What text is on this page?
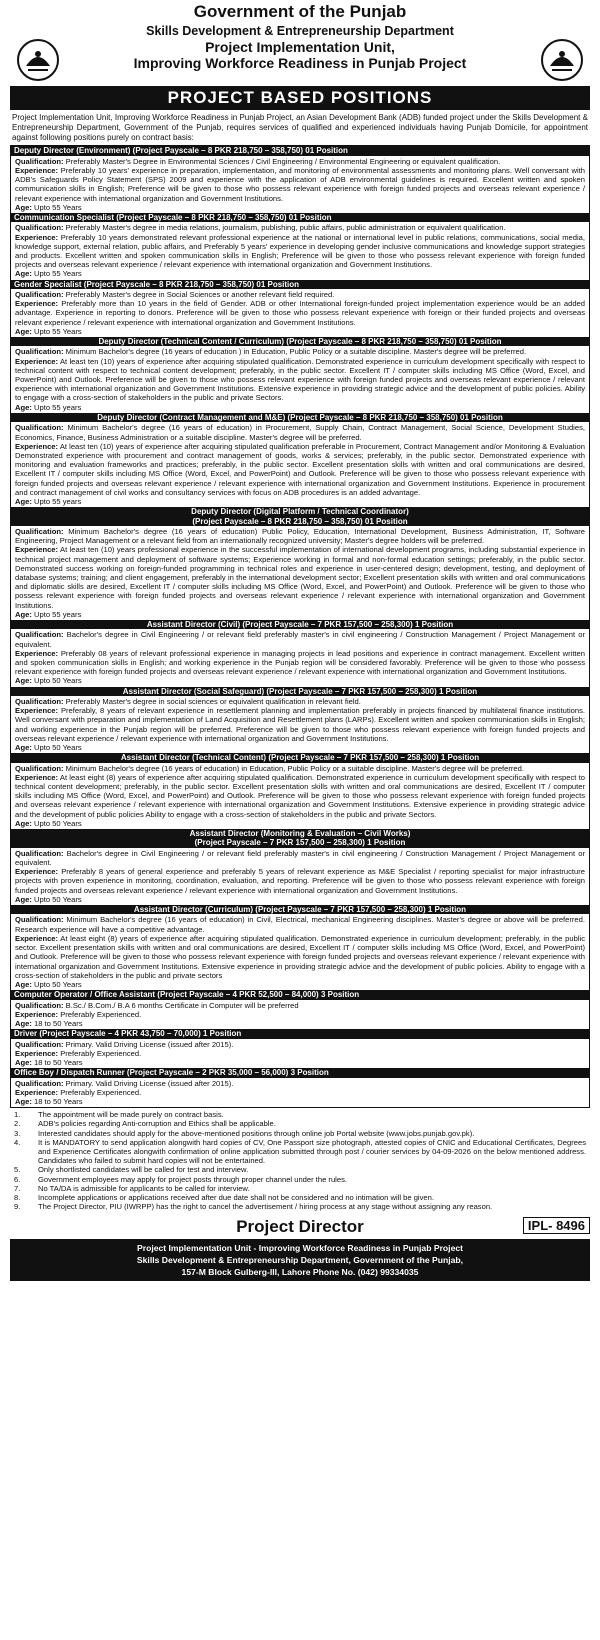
Government of the Punjab
Skills Development & Entrepreneurship Department
Project Implementation Unit,
Improving Workforce Readiness in Punjab Project
PROJECT BASED POSITIONS
Project Implementation Unit, Improving Workforce Readiness in Punjab Project, an Asian Development Bank (ADB) funded project under the Skills Development & Entrepreneurship Department, Government of the Punjab, requires services of qualified and experienced individuals having Punjab Domicile, for appointment against following positions purely on contract basis:
Deputy Director (Environment) (Project Payscale – 8 PKR 218,750 – 358,750) 01 Position

Qualification: Preferably Master's Degree in Environmental Sciences / Civil Engineering / Environmental Engineering or equivalent qualification.

Experience: Preferably 10 years' experience in preparation, implementation, and monitoring of environmental assessments and monitoring plans. Well conversant with ADB's Safeguards Policy Statement (SPS) 2009 and experience with the application of ADB environmental guidelines is required. Excellent written and spoken communication skills in English; Preference will be given to those who possess relevant experience with foreign funded projects and overseas relevant experience / relevant experience with international organization and Government Institutions.

Age: Upto 55 Years

Communication Specialist (Project Payscale – 8 PKR 218,750 – 358,750) 01 Position

Qualification: Preferably Master's degree in media relations, journalism, publishing, public affairs, public administration or equivalent qualification.

Experience: Preferably 10 years demonstrated relevant professional experience at the national or international level in public relations, communications, social media, knowledge support, external relation, public affairs, and Preferably 5 years' experience in developing gender inclusive communications and knowledge support strategies and products. Excellent written and spoken communication skills in English; Preference will be given to those who possess relevant experience with foreign funded projects and overseas relevant experience / relevant experience with international organization and Government Institutions.

Age: Upto 55 Years

Gender Specialist (Project Payscale – 8 PKR 218,750 – 358,750) 01 Position

Qualification: Preferably Master's degree in Social Sciences or another relevant field required.

Experience: Preferably more than 10 years in the field of Gender. ADB or other International foreign-funded project implementation experience would be an added advantage. Experience in reporting to donors. Preference will be given to those who possess relevant experience with foreign or their funded projects and overseas relevant experience / relevant experience with international organization and Government Institutions.

Age: Upto 55 Years

Deputy Director (Technical Content / Curriculum) (Project Payscale – 8 PKR 218,750 – 358,750) 01 Position

Qualification: Minimum Bachelor's degree (16 years of education ) in Education, Public Policy or a suitable discipline. Master's degree will be preferred.

Experience: At least ten (10) years of experience after acquiring stipulated qualification. Demonstrated experience in curriculum development specifically with respect to technical content with respect to technical content development; preferably, in the public sector. Excellent IT / computer skills including MS Office (Word, Excel, and PowerPoint) and Outlook. Preference will be given to those who possess relevant experience with foreign funded projects and overseas relevant experience / relevant experience with international organization and Government Institutions. Extensive experience in providing strategic advice and the development of public policies. Ability to engage with a cross-section of stakeholders in the public and private Sectors.

Age: Upto 55 years

Deputy Director (Contract Management and M&E) (Project Payscale – 8 PKR 218,750 – 358,750) 01 Position

Qualification: Minimum Bachelor's degree (16 years of education) in Procurement, Supply Chain, Contract Management, Social Science, Development Studies, Economics, Finance, Business Administration or a suitable discipline. Master's degree will be preferred.

Experience: At least ten (10) years of experience after acquiring stipulated qualification preferable in Procurement, Contract Management and/or Monitoring & Evaluation Demonstrated experience with procurement and contract management of goods, works & services; preferably, in the public sector. Demonstrated experience with monitoring and evaluation frameworks and practices; preferably, in the public sector. Excellent presentation skills with written and oral communications are desired, Excellent IT / computer skills including MS Office (Word, Excel, and PowerPoint) and Outlook. Preference will be given to those who possess relevant experience with foreign funded projects and overseas relevant experience / relevant experience with international organization and Government Institutions. Experience in procurement and contract management of civil works and consultancy services with focus on ADB procedures is an added advantage.

Age: Upto 55 years

Deputy Director (Digital Platform / Technical Coordinator)
(Project Payscale – 8 PKR 218,750 – 358,750) 01 Position

Qualification: Minimum Bachelor's degree (16 years of education) Public Policy, Education, International Development, Business Administration, IT, Software Engineering, Project Management or a relevant field from an internationally recognized university; Master's degree holders will be preferred.

Experience: At least ten (10) years professional experience in the successful implementation of international development programs, including substantial experience in technical project management and deployment of software systems; Experience working in formal and non-formal education settings; preferably, in the public sector. Demonstrated success working on foreign-funded programming in technical roles and experience in user-centered design; development, testing, and deployment of database systems; training; and client engagement, preferably in the international development sector; Excellent presentation skills with written and oral communications and diplomatic skills are desired, Excellent IT / computer skills including MS Office (Word, Excel, and PowerPoint) and Outlook. Preference will be given to those who possess relevant experience with foreign funded projects and overseas relevant experience / relevant experience with international organization and Government Institutions.

Age: Upto 55 years

Assistant Director (Civil) (Project Payscale – 7 PKR 157,500 – 258,300) 1 Position

Qualification: Bachelor's degree in Civil Engineering / or relevant field preferably master's in civil engineering / Construction Management / Project Management or equivalent.

Experience: Preferably 08 years of relevant professional experience in managing projects in lead positions and experience in contract management. Excellent written and spoken communication skills in English; and working experience in the Punjab region will be considered favorably. Preference will be given to those who possess relevant experience with foreign funded projects and overseas relevant experience / relevant experience with international organization and Government Institutions.

Age: Upto 50 Years

Assistant Director (Social Safeguard) (Project Payscale – 7 PKR 157,500 – 258,300) 1 Position

Qualification: Preferably Master's degree in social sciences or equivalent qualification in relevant field.

Experience: Preferably, 8 years of relevant experience in resettlement planning and implementation preferably in projects financed by multilateral finance institutions. Well conversant with preparation and implementation of Land Acquisition and Resettlement plans (LARPs). Excellent written and spoken communication skills in English; and working experience in the Punjab region will be preferred. Preference will be given to those who possess relevant experience with foreign funded projects and overseas relevant experience / relevant experience with international organization and Government Institutions.

Age: Upto 50 Years

Assistant Director (Technical Content) (Project Payscale – 7 PKR 157,500 – 258,300) 1 Position

Qualification: Minimum Bachelor's degree (16 years of education) in Education, Public Policy or a suitable discipline. Master's degree will be preferred.

Experience: At least eight (8) years of experience after acquiring stipulated qualification. Demonstrated experience in curriculum development specifically with respect to technical content development; preferably, in the public sector. Excellent presentation skills with written and oral communications are desired, Excellent IT / computer skills including MS Office (Word, Excel, and PowerPoint) and Outlook. Preference will be given to those who possess relevant experience with foreign funded projects and overseas relevant experience / relevant experience with international organization and Government Institutions. Extensive experience in providing strategic advice and the development of public policies Ability to engage with a cross-section of stakeholders in the public and private Sectors.

Age: Upto 50 Years

Assistant Director (Monitoring & Evaluation – Civil Works)
(Project Payscale – 7 PKR 157,500 – 258,300) 1 Position

Qualification: Bachelor's degree in Civil Engineering / or relevant field preferably master's in civil engineering / Construction Management / Project Management or equivalent.

Experience: Preferably 8 years of general experience and preferably 5 years of relevant experience as M&E Specialist / reporting specialist for major infrastructure projects with proven experience in monitoring, coordination, evaluation, and reporting. Preference will be given to those who possess relevant experience with foreign funded projects and overseas relevant experience / relevant experience with international organization and Government Institutions.

Age: Upto 50 Years

Assistant Director (Curriculum) (Project Payscale – 7 PKR 157,500 – 258,300) 1 Position

Qualification: Minimum Bachelor's degree (16 years of education) in Civil, Electrical, mechanical Engineering disciplines. Master's degree or above will be preferred. Research experience will have a competitive advantage.

Experience: At least eight (8) years of experience after acquiring stipulated qualification. Demonstrated experience in curriculum development; preferably, in the public sector. Excellent presentation skills with written and oral communications are desired, Excellent IT / computer skills including MS Office (Word, Excel, and PowerPoint) and Outlook. Preference will be given to those who possess relevant experience with foreign funded projects and overseas relevant experience / relevant experience with international organization and Government Institutions. Extensive experience in providing strategic advice and the development of public policies. Ability to engage with a cross-section of stakeholders in the public and private sectors

Age: Upto 50 Years

Computer Operator / Office Assistant (Project Payscale – 4 PKR 52,500 – 84,000) 3 Position

Qualification: B.Sc./ B.Com./ B.A 6 months Certificate in Computer will be preferred

Experience: Preferably Experienced.

Age: 18 to 50 Years

Driver (Project Payscale – 4 PKR 43,750 – 70,000) 1 Position

Qualification: Primary. Valid Driving License (issued after 2015).

Experience: Preferably Experienced.

Age: 18 to 50 Years

Office Boy / Dispatch Runner (Project Payscale – 2 PKR 35,000 – 56,000) 3 Position

Qualification: Primary. Valid Driving License (issued after 2015).

Experience: Preferably Experienced.

Age: 18 to 50 Years

1.	The appointment will be made purely on contract basis.
2.	ADB's policies regarding Anti-corruption and Ethics shall be applicable.
3.	Interested candidates should apply for the above-mentioned positions through online job Portal website (www.jobs.punjab.gov.pk).
4.	It is MANDATORY to send application alongwith hard copies of CV, One Passport size photograph, attested copies of CNIC and Educational Certificates, Degrees and Experience Certificates alongwith confirmation of online application submitted through post / courier services by 04-09-2026 on the below mentioned address. Candidates who failed to submit hard copies will not be entertained.
5.	Only shortlisted candidates will be called for test and interview.
6.	Government employees may apply for project posts through proper channel under the rules.
7.	No TA/DA is admissible for applicants to be called for interview.
8.	Incomplete applications or applications received after due date shall not be considered and no intimation will be given.
9.	The Project Director, PIU (IWRPP) has the right to cancel the advertisement / hiring process at any stage without assigning any reason.
Project Director	IPL- 8496
Project Implementation Unit - Improving Workforce Readiness in Punjab Project
Skills Development & Entrepreneurship Department, Government of the Punjab,
157-M Block Gulberg-III, Lahore Phone No. (042) 99334035
